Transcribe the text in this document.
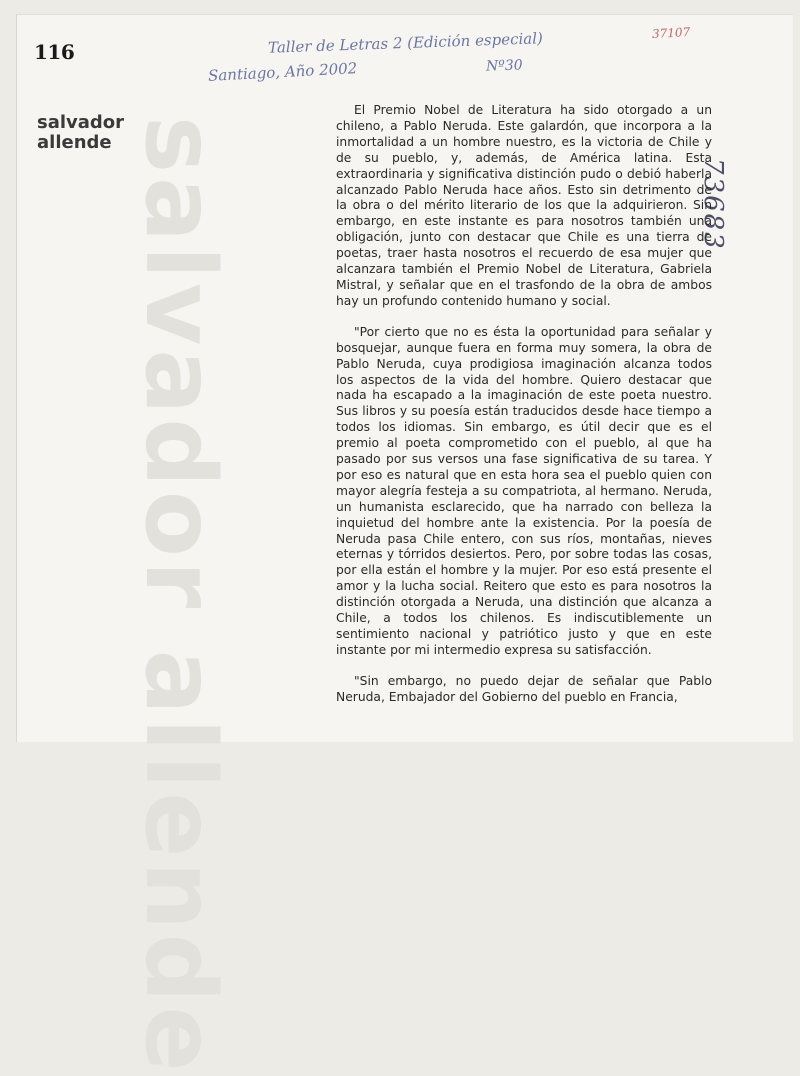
salvador allende
116
salvador
allende
Taller de Letras 2 (Edición especial)
Santiago, Año 2002	Nº30
37107
73683

El Premio Nobel de Literatura ha sido otorgado a un chileno, a Pablo Neruda. Este galardón, que incorpora a la inmortalidad a un hombre nuestro, es la victoria de Chile y de su pueblo, y, además, de América latina. Esta extraordinaria y significativa distinción pudo o debió haberla alcanzado Pablo Neruda hace años. Esto sin detrimento de la obra o del mérito literario de los que la adquirieron. Sin embargo, en este instante es para nosotros también una obligación, junto con destacar que Chile es una tierra de poetas, traer hasta nosotros el recuerdo de esa mujer que alcanzara también el Premio Nobel de Literatura, Gabriela Mistral, y señalar que en el trasfondo de la obra de ambos hay un profundo contenido humano y social.

"Por cierto que no es ésta la oportunidad para señalar y bosquejar, aunque fuera en forma muy somera, la obra de Pablo Neruda, cuya prodigiosa imaginación alcanza todos los aspectos de la vida del hombre. Quiero destacar que nada ha escapado a la imaginación de este poeta nuestro. Sus libros y su poesía están traducidos desde hace tiempo a todos los idiomas. Sin embargo, es útil decir que es el premio al poeta comprometido con el pueblo, al que ha pasado por sus versos una fase significativa de su tarea. Y por eso es natural que en esta hora sea el pueblo quien con mayor alegría festeja a su compatriota, al hermano. Neruda, un humanista esclarecido, que ha narrado con belleza la inquietud del hombre ante la existencia. Por la poesía de Neruda pasa Chile entero, con sus ríos, montañas, nieves eternas y tórridos desiertos. Pero, por sobre todas las cosas, por ella están el hombre y la mujer. Por eso está presente el amor y la lucha social. Reitero que esto es para nosotros la distinción otorgada a Neruda, una distinción que alcanza a Chile, a todos los chilenos. Es indiscutiblemente un sentimiento nacional y patriótico justo y que en este instante por mi intermedio expresa su satisfacción.

"Sin embargo, no puedo dejar de señalar que Pablo Neruda, Embajador del Gobierno del pueblo en Francia,
